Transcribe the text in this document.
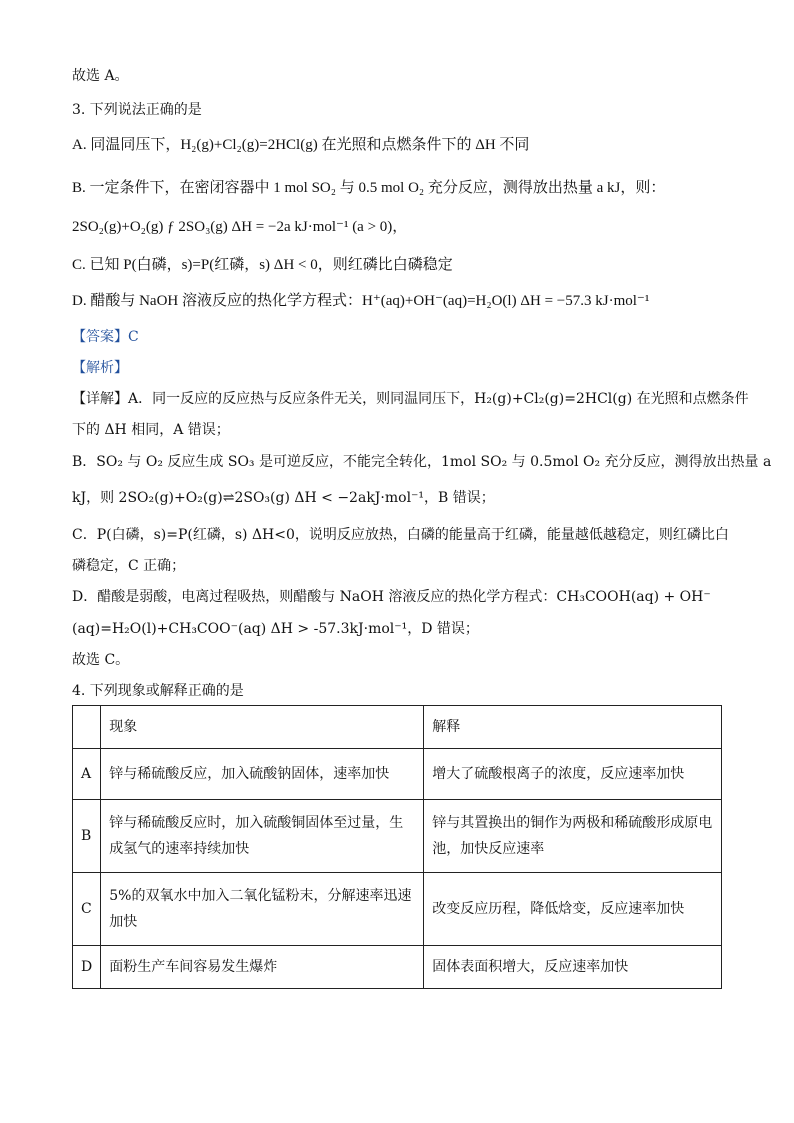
故选 A。
3. 下列说法正确的是
A. 同温同压下，H₂(g)+Cl₂(g)=2HCl(g) 在光照和点燃条件下的 ΔH 不同
B. 一定条件下，在密闭容器中 1 mol SO₂ 与 0.5 mol O₂ 充分反应，测得放出热量 a kJ，则：
2SO₂(g)+O₂(g) ƒ 2SO₃(g) ΔH = −2a kJ·mol⁻¹ (a > 0)，
C. 已知 P(白磷，s)=P(红磷，s) ΔH < 0，则红磷比白磷稳定
D. 醋酸与 NaOH 溶液反应的热化学方程式：H⁺(aq)+OH⁻(aq)=H₂O(l) ΔH = −57.3 kJ·mol⁻¹
【答案】C
【解析】
【详解】A．同一反应的反应热与反应条件无关，则同温同压下，H₂(g)+Cl₂(g)=2HCl(g) 在光照和点燃条件
下的 ΔH 相同，A 错误；
B．SO₂ 与 O₂ 反应生成 SO₃ 是可逆反应，不能完全转化，1mol SO₂ 与 0.5mol O₂ 充分反应，测得放出热量 a
kJ，则 2SO₂(g)+O₂(g)⇌2SO₃(g) ΔH < −2akJ·mol⁻¹，B 错误；
C．P(白磷，s)=P(红磷，s) ΔH<0，说明反应放热，白磷的能量高于红磷，能量越低越稳定，则红磷比白
磷稳定，C 正确；
D．醋酸是弱酸，电离过程吸热，则醋酸与 NaOH 溶液反应的热化学方程式：CH₃COOH(aq) + OH⁻
(aq)=H₂O(l)+CH₃COO⁻(aq) ΔH > -57.3kJ·mol⁻¹，D 错误；
故选 C。
4. 下列现象或解释正确的是
	现象	解释
A	锌与稀硫酸反应，加入硫酸钠固体，速率加快	增大了硫酸根离子的浓度，反应速率加快
B	锌与稀硫酸反应时，加入硫酸铜固体至过量，生成氢气的速率持续加快	锌与其置换出的铜作为两极和稀硫酸形成原电池，加快反应速率
C	5%的双氧水中加入二氧化锰粉末，分解速率迅速加快	改变反应历程，降低焓变，反应速率加快
D	面粉生产车间容易发生爆炸	固体表面积增大，反应速率加快
